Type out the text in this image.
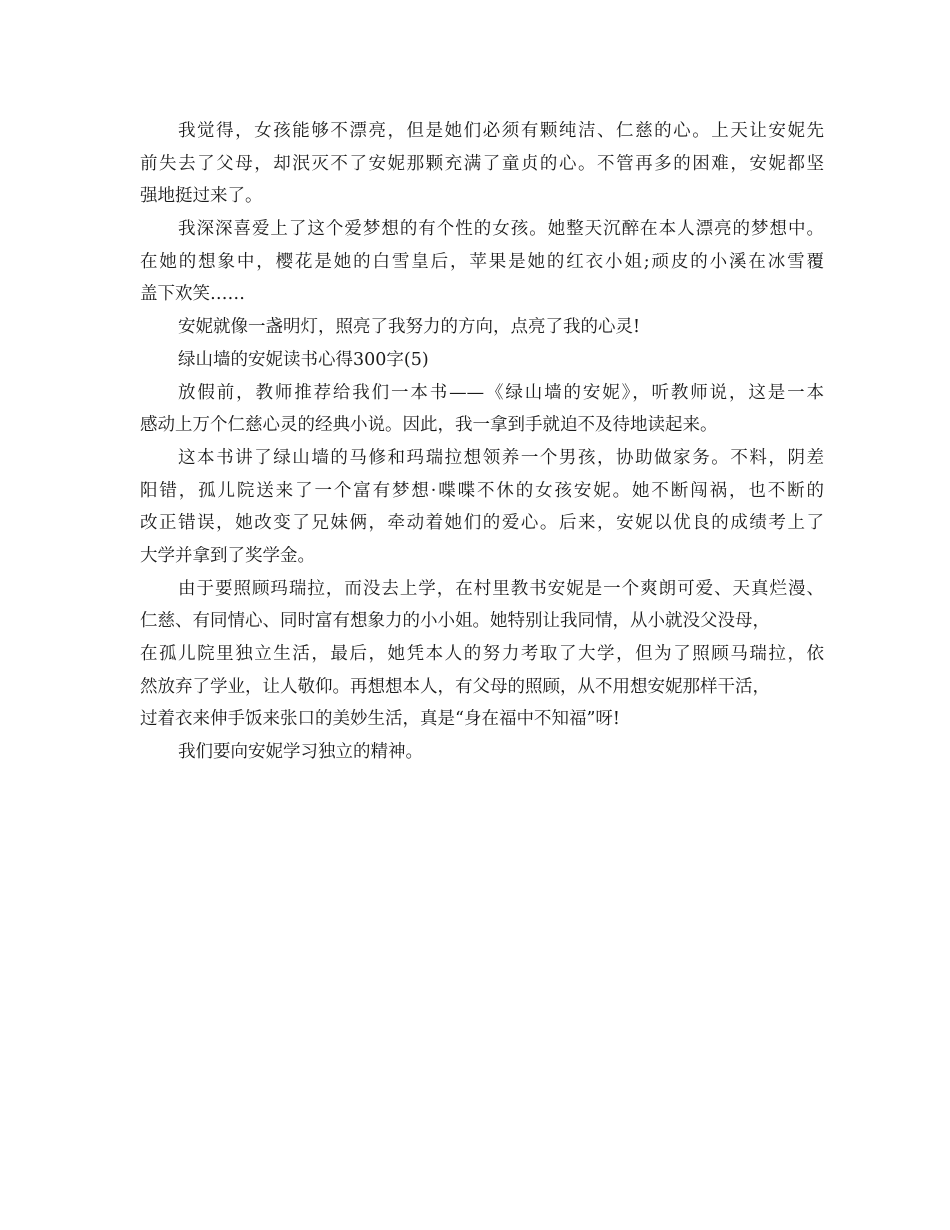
我觉得，女孩能够不漂亮，但是她们必须有颗纯洁、仁慈的心。上天让安妮先
前失去了父母，却泯灭不了安妮那颗充满了童贞的心。不管再多的困难，安妮都坚
强地挺过来了。
我深深喜爱上了这个爱梦想的有个性的女孩。她整天沉醉在本人漂亮的梦想中。
在她的想象中，樱花是她的白雪皇后，苹果是她的红衣小姐;顽皮的小溪在冰雪覆
盖下欢笑……
安妮就像一盏明灯，照亮了我努力的方向，点亮了我的心灵!
绿山墙的安妮读书心得300字(5)
放假前，教师推荐给我们一本书——《绿山墙的安妮》，听教师说，这是一本
感动上万个仁慈心灵的经典小说。因此，我一拿到手就迫不及待地读起来。
这本书讲了绿山墙的马修和玛瑞拉想领养一个男孩，协助做家务。不料，阴差
阳错，孤儿院送来了一个富有梦想·喋喋不休的女孩安妮。她不断闯祸，也不断的
改正错误，她改变了兄妹俩，牵动着她们的爱心。后来，安妮以优良的成绩考上了
大学并拿到了奖学金。
由于要照顾玛瑞拉，而没去上学，在村里教书安妮是一个爽朗可爱、天真烂漫、
仁慈、有同情心、同时富有想象力的小小姐。她特别让我同情，从小就没父没母，
在孤儿院里独立生活，最后，她凭本人的努力考取了大学，但为了照顾马瑞拉，依
然放弃了学业，让人敬仰。再想想本人，有父母的照顾，从不用想安妮那样干活，
过着衣来伸手饭来张口的美妙生活，真是“身在福中不知福”呀!
我们要向安妮学习独立的精神。
